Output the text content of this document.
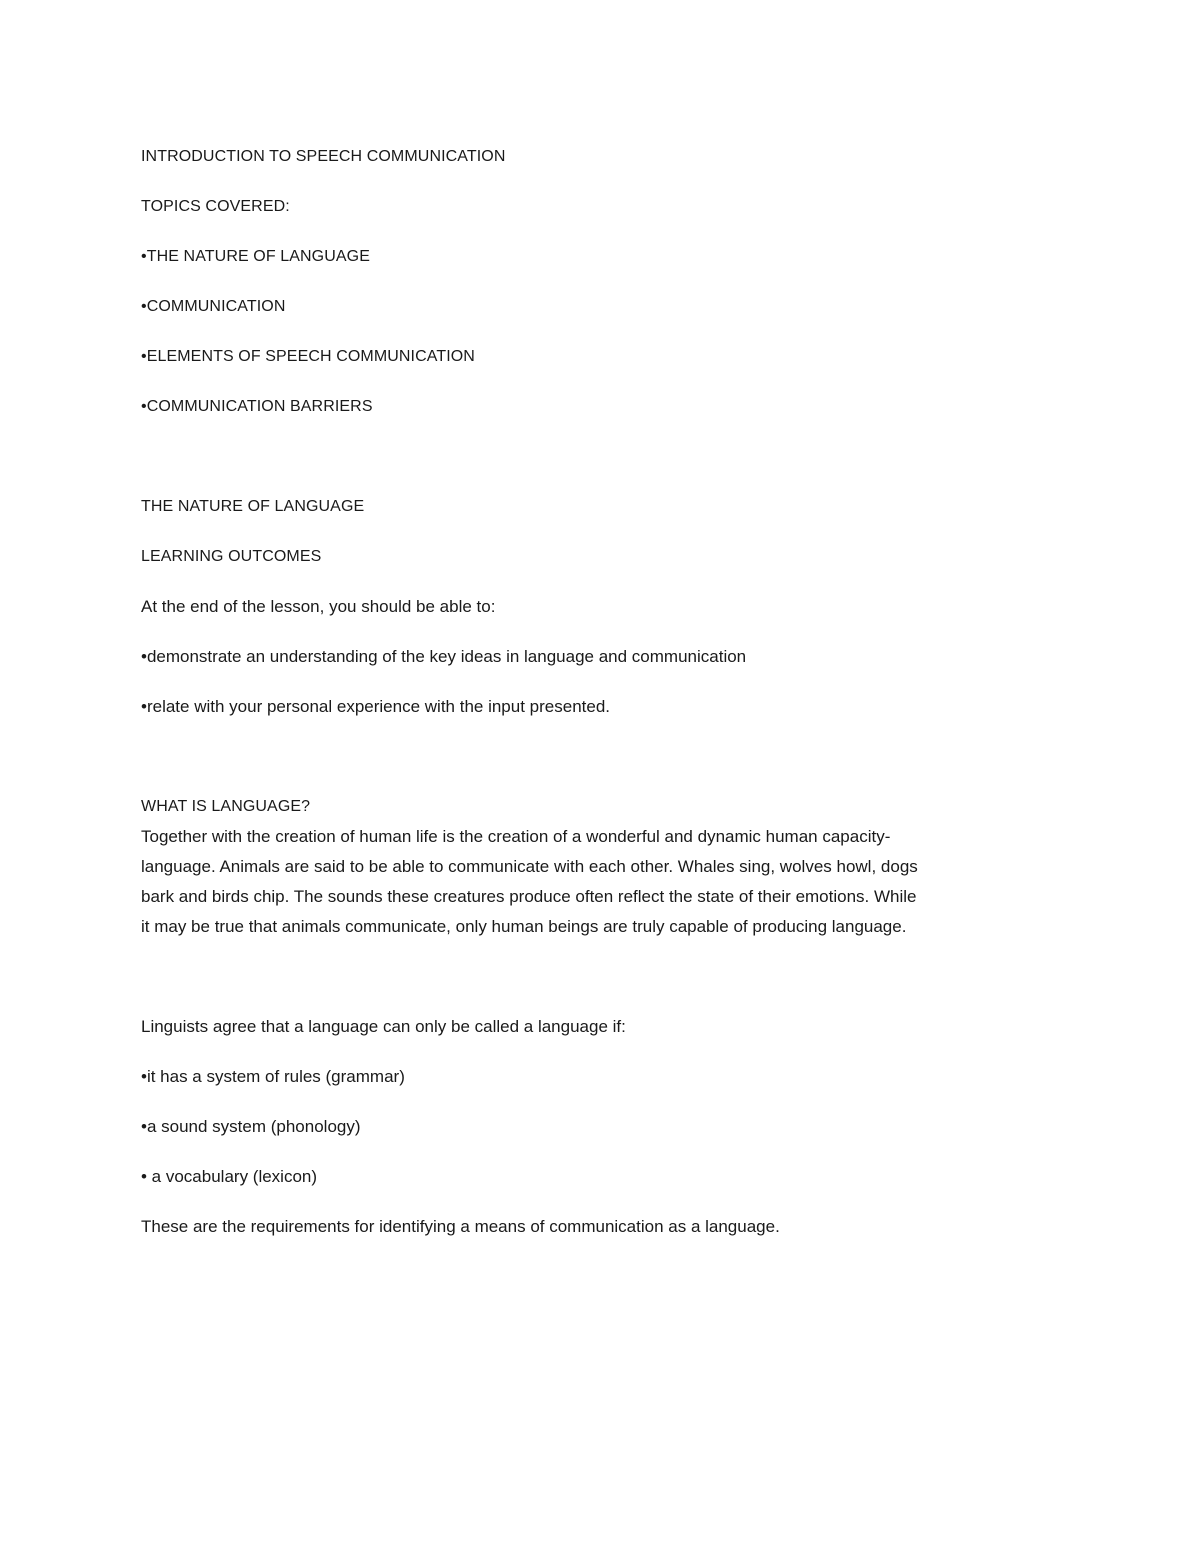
INTRODUCTION TO SPEECH COMMUNICATION

TOPICS COVERED:

•THE NATURE OF LANGUAGE

•COMMUNICATION

•ELEMENTS OF SPEECH COMMUNICATION

•COMMUNICATION BARRIERS

THE NATURE OF LANGUAGE

LEARNING OUTCOMES

At the end of the lesson, you should be able to:

•demonstrate an understanding of the key ideas in language and communication

•relate with your personal experience with the input presented.

WHAT IS LANGUAGE?

Together with the creation of human life is the creation of a wonderful and dynamic human capacity-
language. Animals are said to be able to communicate with each other. Whales sing, wolves howl, dogs
bark and birds chip. The sounds these creatures produce often reflect the state of their emotions. While
it may be true that animals communicate, only human beings are truly capable of producing language.

Linguists agree that a language can only be called a language if:

•it has a system of rules (grammar)

•a sound system (phonology)

• a vocabulary (lexicon)

These are the requirements for identifying a means of communication as a language.
